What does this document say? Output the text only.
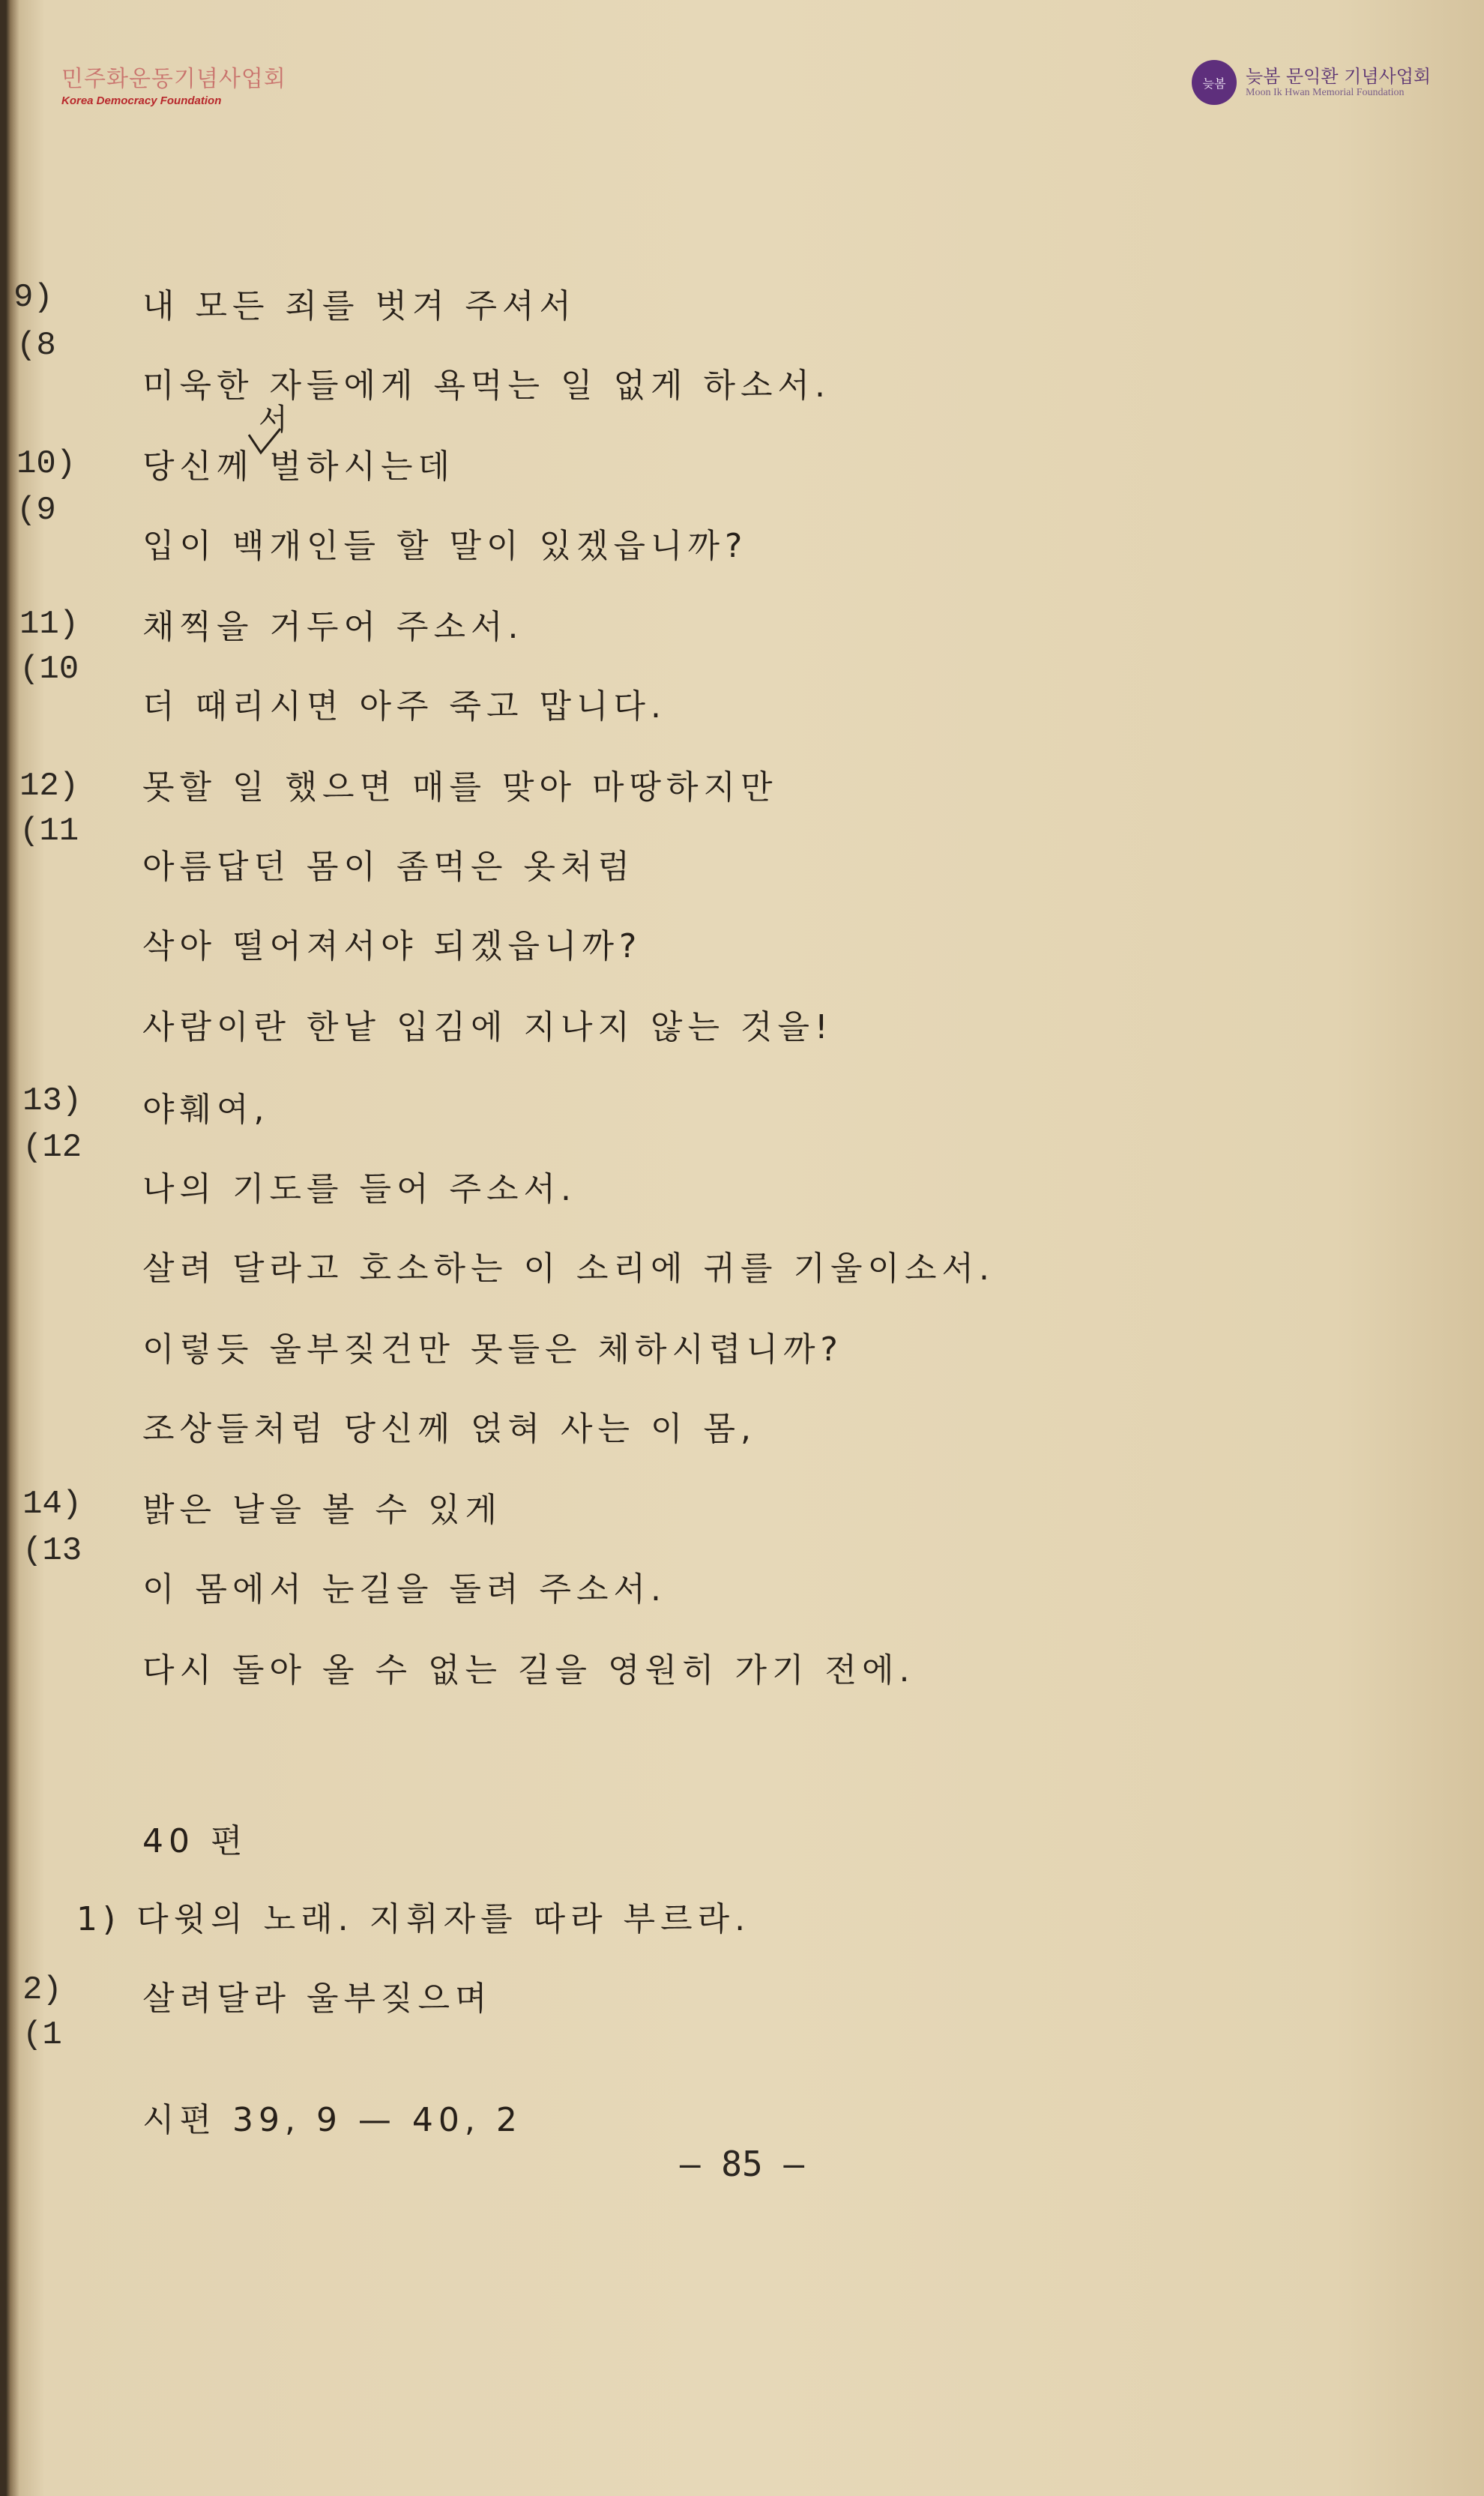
민주화운동기념사업회
Korea Democracy Foundation
늦봄	늦봄 문익환 기념사업회
Moon Ik Hwan Memorial Foundation
9)
(8
10)
(9
11)
(10
12)
(11
13)
(12
14)
(13
2)
(1
내 모든 죄를 벗겨 주셔서
미욱한 자들에게 욕먹는 일 없게 하소서.
서
당신께 벌하시는데
입이 백개인들 할 말이 있겠읍니까?
채찍을 거두어 주소서.
더 때리시면 아주 죽고 맙니다.
못할 일 했으면 매를 맞아 마땅하지만
아름답던 몸이 좀먹은 옷처럼
삭아 떨어져서야 되겠읍니까?
사람이란 한낱 입김에 지나지 않는 것을!
야훼여,
나의 기도를 들어 주소서.
살려 달라고 호소하는 이 소리에 귀를 기울이소서.
이렇듯 울부짖건만 못들은 체하시렵니까?
조상들처럼 당신께 얹혀 사는 이 몸,
밝은 날을 볼 수 있게
이 몸에서 눈길을 돌려 주소서.
다시 돌아 올 수 없는 길을 영원히 가기 전에.
40 편
1) 다윗의 노래. 지휘자를 따라 부르라.
살려달라 울부짖으며
시편 39, 9 — 40, 2
— 85 —
